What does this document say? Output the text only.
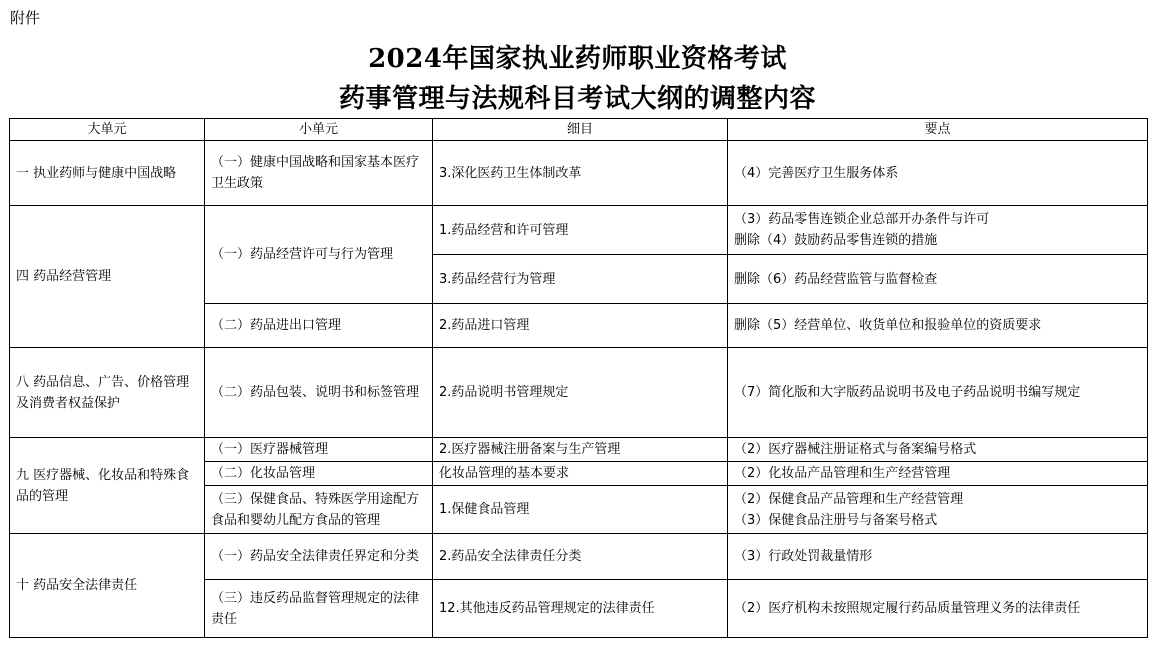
附件
2024年国家执业药师职业资格考试
药事管理与法规科目考试大纲的调整内容
大单元	小单元	细目	要点
一 执业药师与健康中国战略	（一）健康中国战略和国家基本医疗卫生政策	3.深化医药卫生体制改革	（4）完善医疗卫生服务体系
四 药品经营管理	（一）药品经营许可与行为管理	1.药品经营和许可管理	（3）药品零售连锁企业总部开办条件与许可
删除（4）鼓励药品零售连锁的措施

		3.药品经营行为管理	删除（6）药品经营监管与监督检查
	（二）药品进出口管理	2.药品进口管理	删除（5）经营单位、收货单位和报验单位的资质要求
八 药品信息、广告、价格管理及消费者权益保护	（二）药品包装、说明书和标签管理	2.药品说明书管理规定	（7）简化版和大字版药品说明书及电子药品说明书编写规定
九 医疗器械、化妆品和特殊食品的管理	（一）医疗器械管理	2.医疗器械注册备案与生产管理	（2）医疗器械注册证格式与备案编号格式
	（二）化妆品管理	化妆品管理的基本要求	（2）化妆品产品管理和生产经营管理
	（三）保健食品、特殊医学用途配方食品和婴幼儿配方食品的管理	1.保健食品管理	（2）保健食品产品管理和生产经营管理
（3）保健食品注册号与备案号格式

十 药品安全法律责任	（一）药品安全法律责任界定和分类	2.药品安全法律责任分类	（3）行政处罚裁量情形
	（三）违反药品监督管理规定的法律责任	12.其他违反药品管理规定的法律责任	（2）医疗机构未按照规定履行药品质量管理义务的法律责任
